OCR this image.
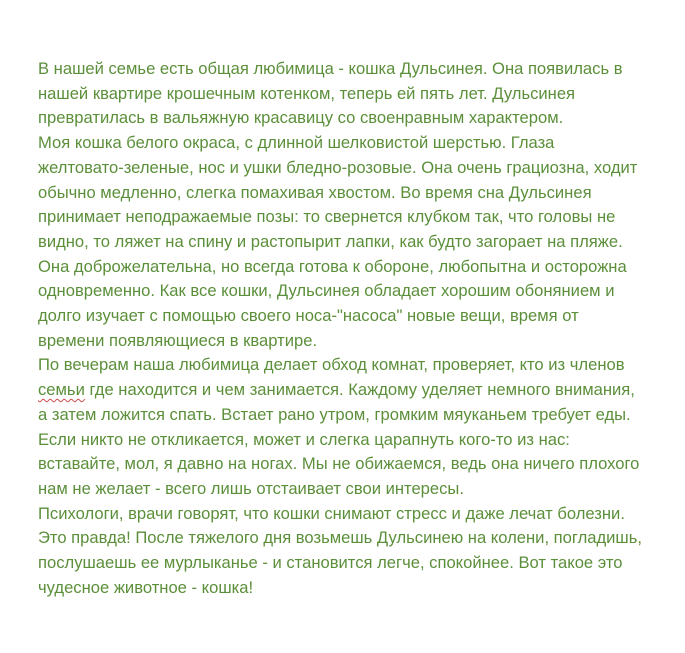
В нашей семье есть общая любимица - кошка Дульсинея. Она появилась в
нашей квартире крошечным котенком, теперь ей пять лет. Дульсинея
превратилась в вальяжную красавицу со своенравным характером.
Моя кошка белого окраса, с длинной шелковистой шерстью. Глаза
желтовато-зеленые, нос и ушки бледно-розовые. Она очень грациозна, ходит
обычно медленно, слегка помахивая хвостом. Во время сна Дульсинея
принимает неподражаемые позы: то свернется клубком так, что головы не
видно, то ляжет на спину и растопырит лапки, как будто загорает на пляже.
Она доброжелательна, но всегда готова к обороне, любопытна и осторожна
одновременно. Как все кошки, Дульсинея обладает хорошим обонянием и
долго изучает с помощью своего носа-"насоса" новые вещи, время от
времени появляющиеся в квартире.
По вечерам наша любимица делает обход комнат, проверяет, кто из членов
семьи где находится и чем занимается. Каждому уделяет немного внимания,
а затем ложится спать. Встает рано утром, громким мяуканьем требует еды.
Если никто не откликается, может и слегка царапнуть кого-то из нас:
вставайте, мол, я давно на ногах. Мы не обижаемся, ведь она ничего плохого
нам не желает - всего лишь отстаивает свои интересы.
Психологи, врачи говорят, что кошки снимают стресс и даже лечат болезни.
Это правда! После тяжелого дня возьмешь Дульсинею на колени, погладишь,
послушаешь ее мурлыканье - и становится легче, спокойнее. Вот такое это
чудесное животное - кошка!
